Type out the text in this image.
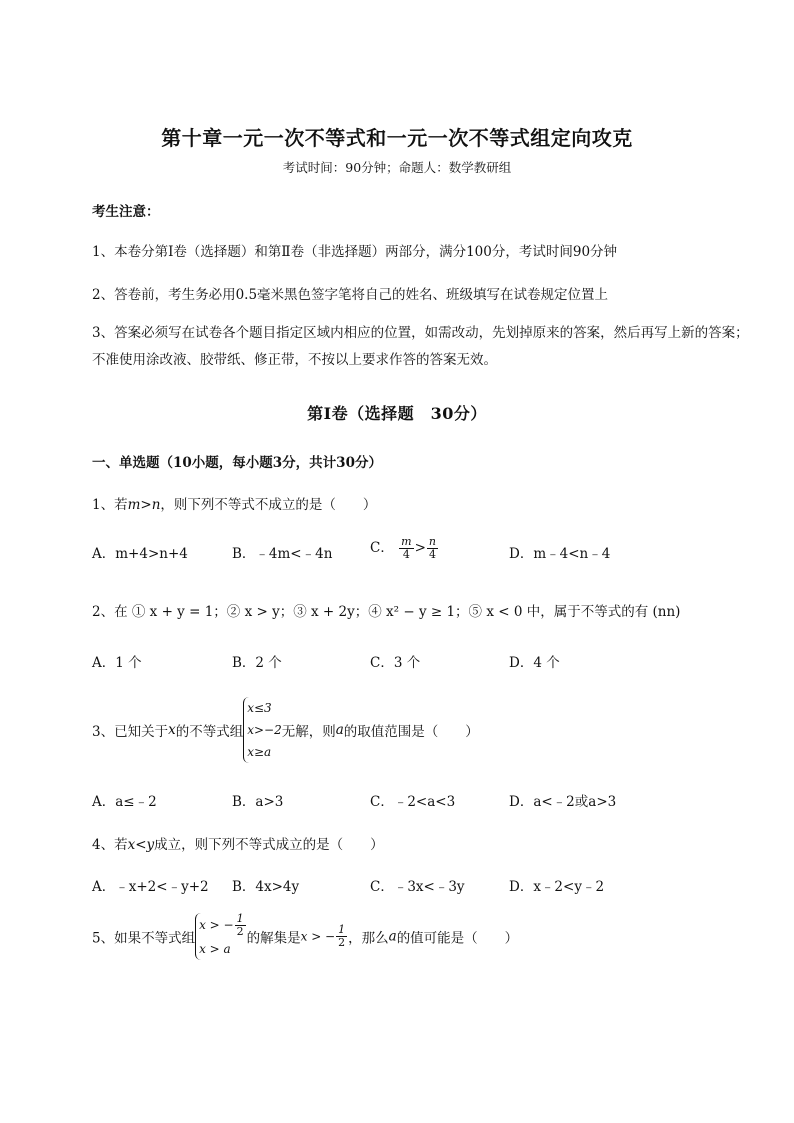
第十章一元一次不等式和一元一次不等式组定向攻克
考试时间：90分钟；命题人：数学教研组
考生注意：
1、本卷分第I卷（选择题）和第Ⅱ卷（非选择题）两部分，满分100分，考试时间90分钟
2、答卷前，考生务必用0.5毫米黑色签字笔将自己的姓名、班级填写在试卷规定位置上
3、答案必须写在试卷各个题目指定区域内相应的位置，如需改动，先划掉原来的答案，然后再写上新的答案；不准使用涂改液、胶带纸、修正带，不按以上要求作答的答案无效。
第I卷（选择题　30分）
一、单选题（10小题，每小题3分，共计30分）
1、若m>n，则下列不等式不成立的是（　　）
A．m+4>n+4	B．﹣4m<﹣4n	C． $\frac{m}{4} > \frac{n}{4}$	D．m﹣4<n﹣4
2、在 ① x + y = 1；② x > y；③ x + 2y；④ x² − y ≥ 1；⑤ x < 0 中，属于不等式的有 (nn)
A．1 个	B．2 个	C．3 个	D．4 个
3、已知关于x的不等式组
x≤3
x>−2
x≥a
无解，则a的取值范围是（　　）
A．a≤﹣2	B．a>3	C．﹣2<a<3	D．a<﹣2或a>3
4、若x<y成立，则下列不等式成立的是（　　）
A．﹣x+2<﹣y+2 B．4x>4y	C．﹣3x<﹣3y	D．x﹣2<y﹣2
5、如果不等式组
x > − $\frac{1}{2}$
x > a
的解集是x > − $\frac{1}{2}$ ，那么a的值可能是（　　）
